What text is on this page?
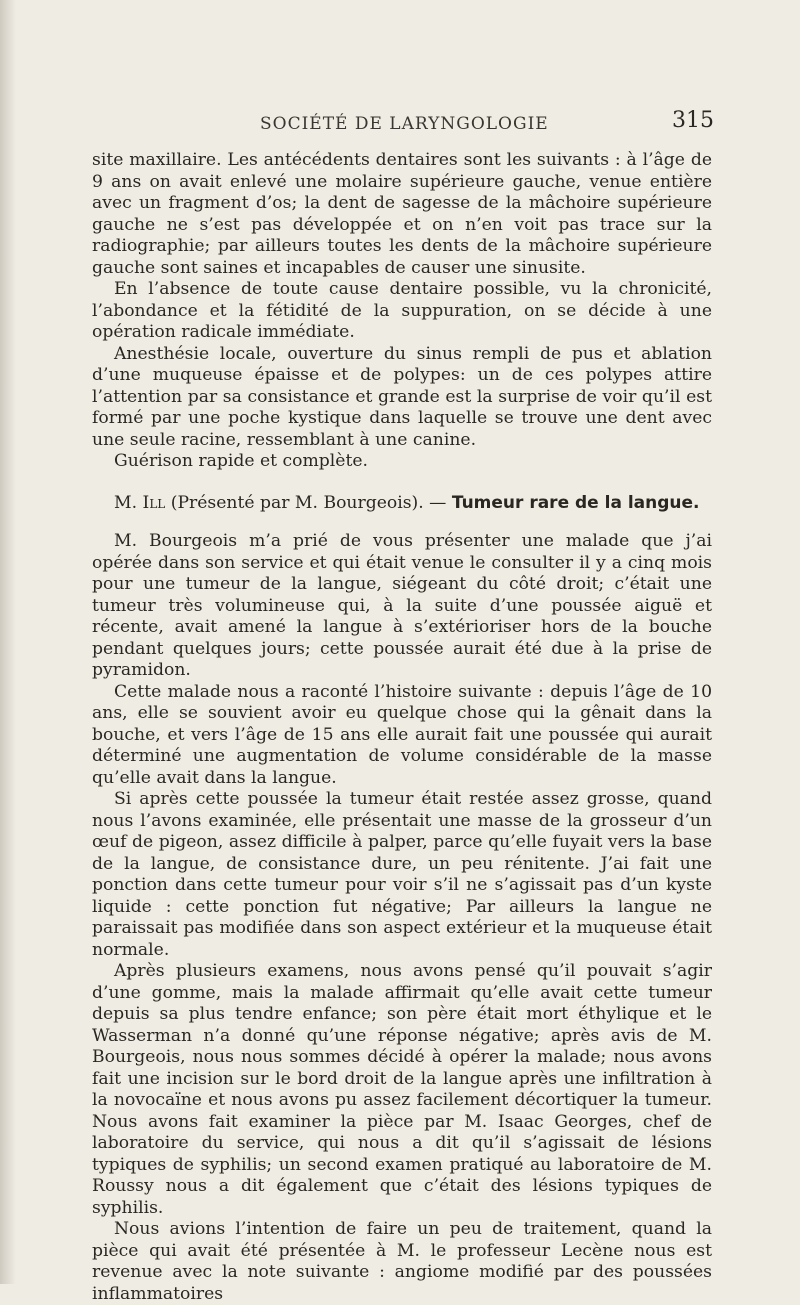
SOCIÉTÉ DE LARYNGOLOGIE	315

site maxillaire. Les antécédents dentaires sont les suivants : à l’âge de 9 ans on avait enlevé une molaire supérieure gauche, venue entière avec un fragment d’os; la dent de sagesse de la mâchoire supérieure gauche ne s’est pas développée et on n’en voit pas trace sur la radiographie; par ailleurs toutes les dents de la mâchoire supérieure gauche sont saines et incapables de causer une sinusite.

En l’absence de toute cause dentaire possible, vu la chronicité, l’abondance et la fétidité de la suppuration, on se décide à une opération radicale immédiate.

Anesthésie locale, ouverture du sinus rempli de pus et ablation d’une muqueuse épaisse et de polypes: un de ces polypes attire l’attention par sa consistance et grande est la surprise de voir qu’il est formé par une poche kystique dans laquelle se trouve une dent avec une seule racine, ressemblant à une canine.

Guérison rapide et complète.

M. Ill (Présenté par M. Bourgeois). — Tumeur rare de la langue.

M. Bourgeois m’a prié de vous présenter une malade que j’ai opérée dans son service et qui était venue le consulter il y a cinq mois pour une tumeur de la langue, siégeant du côté droit; c’était une tumeur très volumineuse qui, à la suite d’une poussée aiguë et récente, avait amené la langue à s’extérioriser hors de la bouche pendant quelques jours; cette poussée aurait été due à la prise de pyramidon.

Cette malade nous a raconté l’histoire suivante : depuis l’âge de 10 ans, elle se souvient avoir eu quelque chose qui la gênait dans la bouche, et vers l’âge de 15 ans elle aurait fait une poussée qui aurait déterminé une augmentation de volume considérable de la masse qu’elle avait dans la langue.

Si après cette poussée la tumeur était restée assez grosse, quand nous l’avons examinée, elle présentait une masse de la grosseur d’un œuf de pigeon, assez difficile à palper, parce qu’elle fuyait vers la base de la langue, de consistance dure, un peu rénitente. J’ai fait une ponction dans cette tumeur pour voir s’il ne s’agissait pas d’un kyste liquide : cette ponction fut négative; Par ailleurs la langue ne paraissait pas modifiée dans son aspect extérieur et la muqueuse était normale.

Après plusieurs examens, nous avons pensé qu’il pouvait s’agir d’une gomme, mais la malade affirmait qu’elle avait cette tumeur depuis sa plus tendre enfance; son père était mort éthylique et le Wasserman n’a donné qu’une réponse négative; après avis de M. Bourgeois, nous nous sommes décidé à opérer la malade; nous avons fait une incision sur le bord droit de la langue après une infiltration à la novocaïne et nous avons pu assez facilement décortiquer la tumeur. Nous avons fait examiner la pièce par M. Isaac Georges, chef de laboratoire du service, qui nous a dit qu’il s’agissait de lésions typiques de syphilis; un second examen pratiqué au laboratoire de M. Roussy nous a dit également que c’était des lésions typiques de syphilis.

Nous avions l’intention de faire un peu de traitement, quand la pièce qui avait été présentée à M. le professeur Lecène nous est revenue avec la note suivante : angiome modifié par des poussées inflammatoires
